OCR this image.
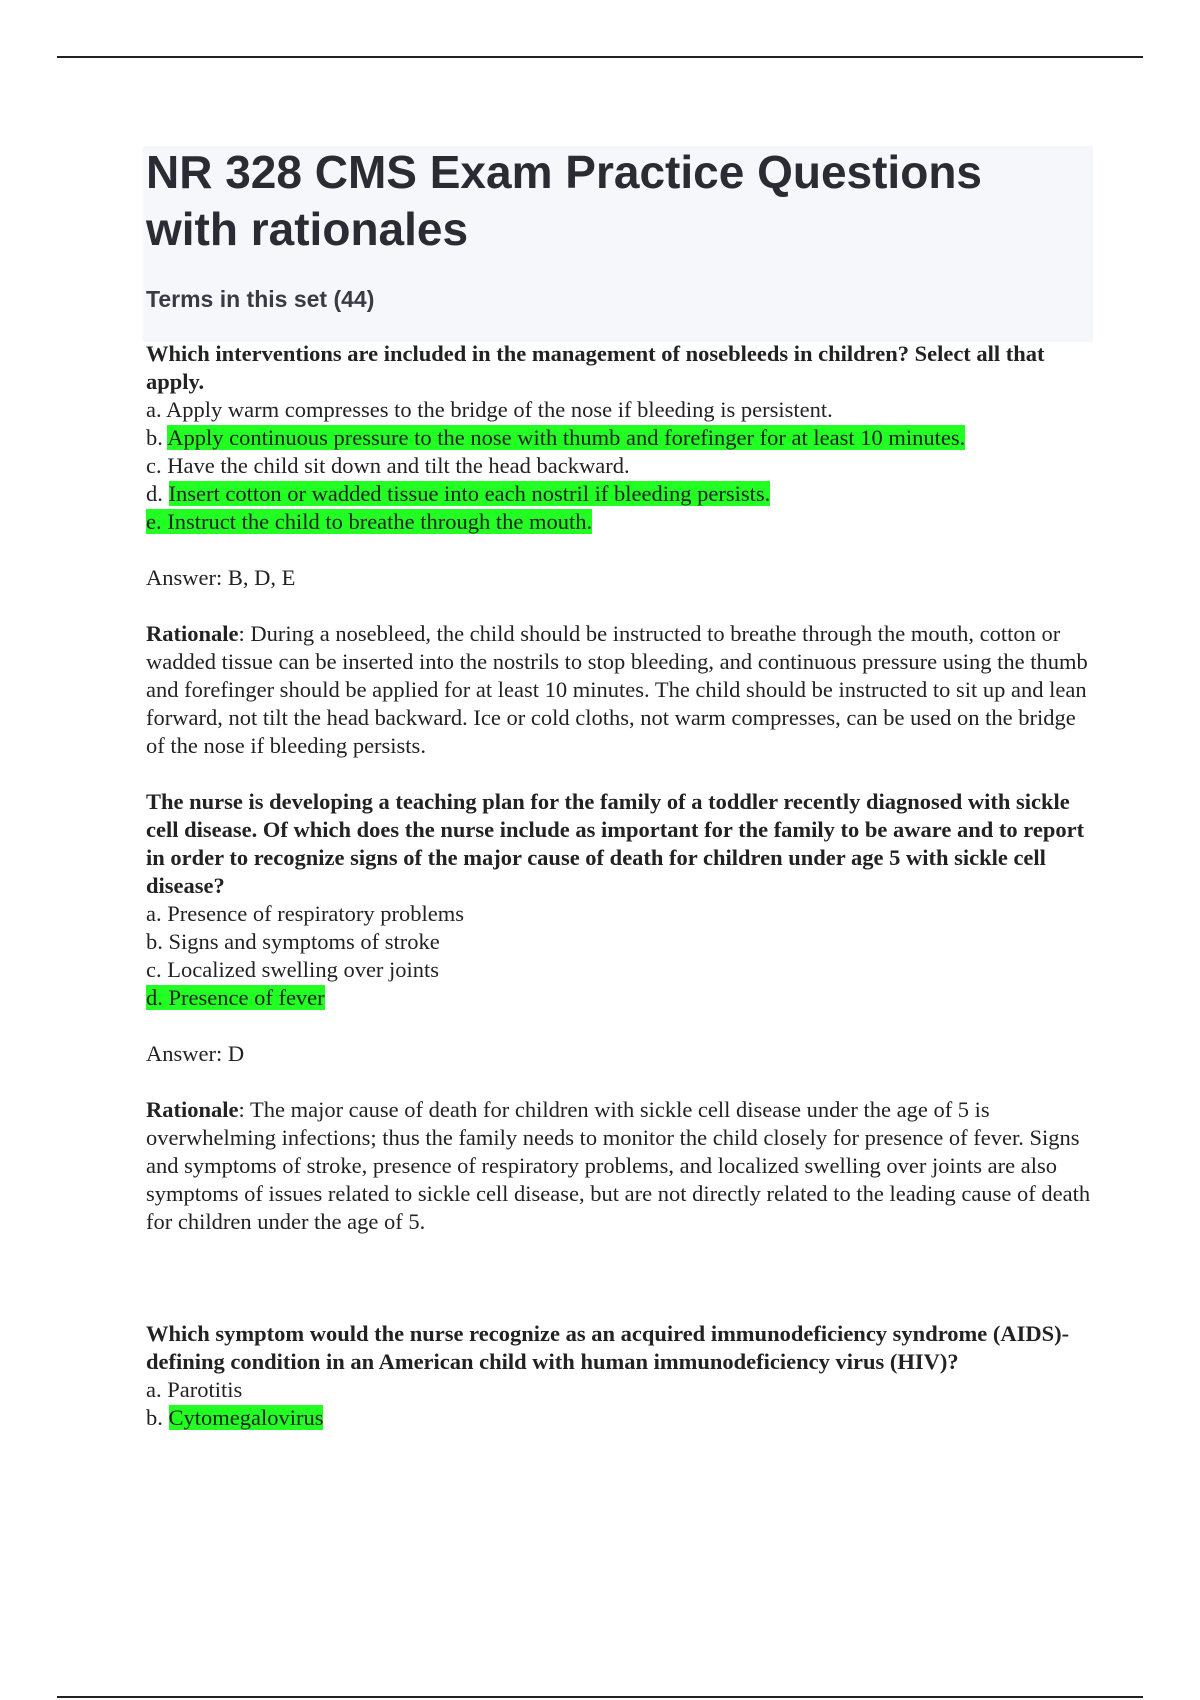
NR 328 CMS Exam Practice Questions with rationales
Terms in this set (44)

Which interventions are included in the management of nosebleeds in children? Select all that apply.

a. Apply warm compresses to the bridge of the nose if bleeding is persistent.
b. Apply continuous pressure to the nose with thumb and forefinger for at least 10 minutes.
c. Have the child sit down and tilt the head backward.
d. Insert cotton or wadded tissue into each nostril if bleeding persists.
e. Instruct the child to breathe through the mouth.

Answer: B, D, E

Rationale: During a nosebleed, the child should be instructed to breathe through the mouth, cotton or wadded tissue can be inserted into the nostrils to stop bleeding, and continuous pressure using the thumb and forefinger should be applied for at least 10 minutes. The child should be instructed to sit up and lean forward, not tilt the head backward. Ice or cold cloths, not warm compresses, can be used on the bridge of the nose if bleeding persists.

The nurse is developing a teaching plan for the family of a toddler recently diagnosed with sickle cell disease. Of which does the nurse include as important for the family to be aware and to report in order to recognize signs of the major cause of death for children under age 5 with sickle cell disease?

a. Presence of respiratory problems
b. Signs and symptoms of stroke
c. Localized swelling over joints
d. Presence of fever

Answer: D

Rationale: The major cause of death for children with sickle cell disease under the age of 5 is overwhelming infections; thus the family needs to monitor the child closely for presence of fever. Signs and symptoms of stroke, presence of respiratory problems, and localized swelling over joints are also symptoms of issues related to sickle cell disease, but are not directly related to the leading cause of death for children under the age of 5.

Which symptom would the nurse recognize as an acquired immunodeficiency syndrome (AIDS)-defining condition in an American child with human immunodeficiency virus (HIV)?

a. Parotitis
b. Cytomegalovirus
